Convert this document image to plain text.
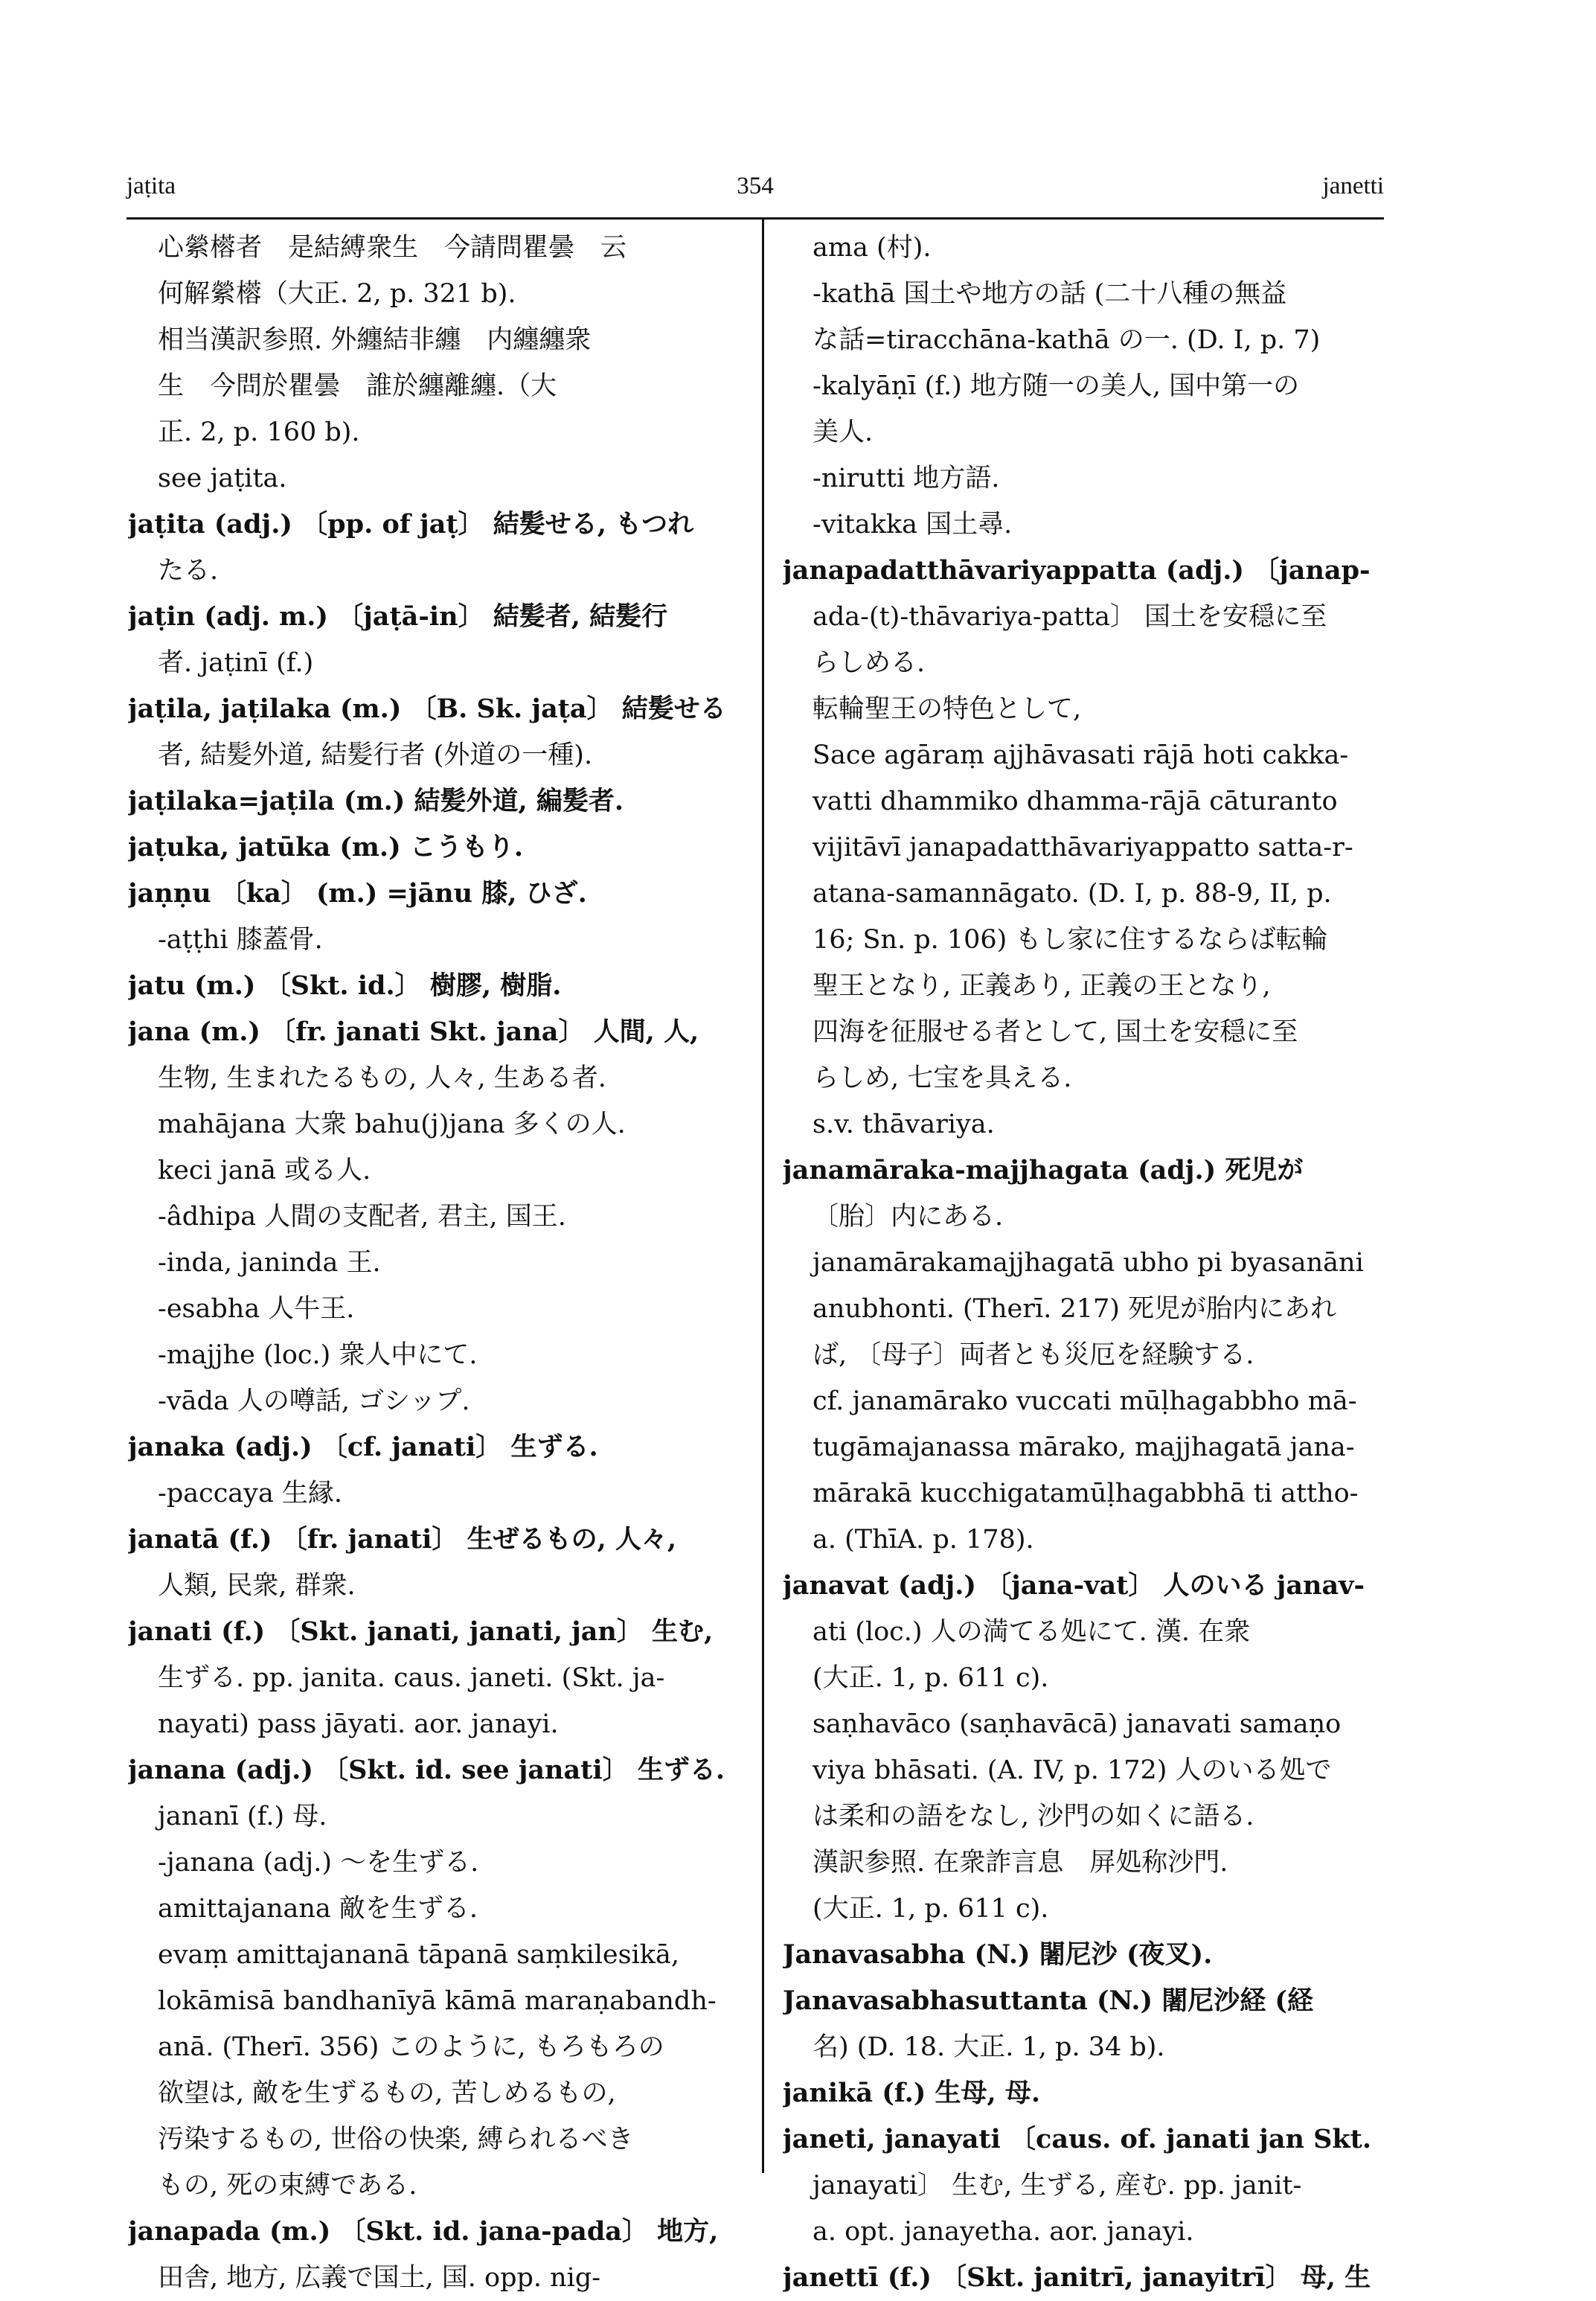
jaṭita	354	janetti
心縈㯴者　是結縛衆生　今請問瞿曇　云
何解縈㯴（大正. 2, p. 321 b).
相当漢訳参照. 外纏結非纏　内纏纏衆
生　今問於瞿曇　誰於纏離纏.（大
正. 2, p. 160 b).
see jaṭita.
jaṭita (adj.) 〔pp. of jaṭ〕 結髪せる, もつれ
たる.
jaṭin (adj. m.) 〔jaṭā-in〕 結髪者, 結髪行
者. jaṭinī (f.)
jaṭila, jaṭilaka (m.) 〔B. Sk. jaṭa〕 結髪せる
者, 結髪外道, 結髪行者 (外道の一種).
jaṭilaka=jaṭila (m.) 結髪外道, 編髪者.
jaṭuka, jatūka (m.) こうもり.
jaṇṇu 〔ka〕 (m.) =jānu 膝, ひざ.
-aṭṭhi 膝蓋骨.
jatu (m.) 〔Skt. id.〕 樹膠, 樹脂.
jana (m.) 〔fr. janati Skt. jana〕 人間, 人,
生物, 生まれたるもの, 人々, 生ある者.
mahājana 大衆 bahu(j)jana 多くの人.
keci janā 或る人.
-âdhipa 人間の支配者, 君主, 国王.
-inda, janinda 王.
-esabha 人牛王.
-majjhe (loc.) 衆人中にて.
-vāda 人の噂話, ゴシップ.
janaka (adj.) 〔cf. janati〕 生ずる.
-paccaya 生縁.
janatā (f.) 〔fr. janati〕 生ぜるもの, 人々,
人類, 民衆, 群衆.
janati (f.) 〔Skt. janati, janati, jan〕 生む,
生ずる. pp. janita. caus. janeti. (Skt. ja-
nayati) pass jāyati. aor. janayi.
janana (adj.) 〔Skt. id. see janati〕 生ずる.
jananī (f.) 母.
-janana (adj.) ～を生ずる.
amittajanana 敵を生ずる.
evaṃ amittajananā tāpanā saṃkilesikā,
lokāmisā bandhanīyā kāmā maraṇabandh-
anā. (Therī. 356) このように, もろもろの
欲望は, 敵を生ずるもの, 苦しめるもの,
汚染するもの, 世俗の快楽, 縛られるべき
もの, 死の束縛である.
janapada (m.) 〔Skt. id. jana-pada〕 地方,
田舎, 地方, 広義で国土, 国. opp. nig-
ama (村).
-kathā 国土や地方の話 (二十八種の無益
な話=tiracchāna-kathā の一. (D. I, p. 7)
-kalyāṇī (f.) 地方随一の美人, 国中第一の
美人.
-nirutti 地方語.
-vitakka 国土尋.
janapadatthāvariyappatta (adj.) 〔janap-
ada-(t)-thāvariya-patta〕 国土を安穏に至
らしめる.
転輪聖王の特色として,
Sace agāraṃ ajjhāvasati rājā hoti cakka-
vatti dhammiko dhamma-rājā cāturanto
vijitāvī janapadatthāvariyappatto satta-r-
atana-samannāgato. (D. I, p. 88-9, II, p.
16; Sn. p. 106) もし家に住するならば転輪
聖王となり, 正義あり, 正義の王となり,
四海を征服せる者として, 国土を安穏に至
らしめ, 七宝を具える.
s.v. thāvariya.
janamāraka-majjhagata (adj.) 死児が
〔胎〕内にある.
janamārakamajjhagatā ubho pi byasanāni
anubhonti. (Therī. 217) 死児が胎内にあれ
ば, 〔母子〕両者とも災厄を経験する.
cf. janamārako vuccati mūḷhagabbho mā-
tugāmajanassa mārako, majjhagatā jana-
mārakā kucchigatamūḷhagabbhā ti attho-
a. (ThīA. p. 178).
janavat (adj.) 〔jana-vat〕 人のいる janav-
ati (loc.) 人の満てる処にて. 漢. 在衆
(大正. 1, p. 611 c).
saṇhavāco (saṇhavācā) janavati samaṇo
viya bhāsati. (A. IV, p. 172) 人のいる処で
は柔和の語をなし, 沙門の如くに語る.
漢訳参照. 在衆詐言息　屏処称沙門.
(大正. 1, p. 611 c).
Janavasabha (N.) 闍尼沙 (夜叉).
Janavasabhasuttanta (N.) 闍尼沙経 (経
名) (D. 18. 大正. 1, p. 34 b).
janikā (f.) 生母, 母.
janeti, janayati 〔caus. of. janati jan Skt.
janayati〕 生む, 生ずる, 産む. pp. janit-
a. opt. janayetha. aor. janayi.
janettī (f.) 〔Skt. janitrī, janayitrī〕 母, 生
